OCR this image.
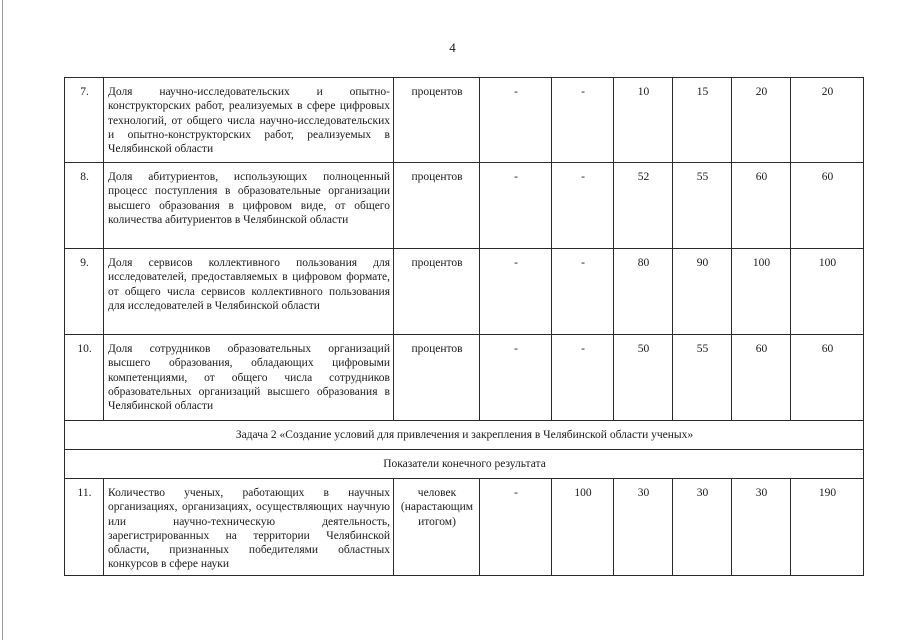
4
7.	Доля научно-исследовательских и опытно-конструкторских работ, реализуемых в сфере цифровых технологий, от общего числа научно-исследовательских и опытно-конструкторских работ, реализуемых в Челябинской области	процентов	-	-	10	15	20	20
8.	Доля абитуриентов, использующих полноценный процесс поступления в образовательные организации высшего образования в цифровом виде, от общего количества абитуриентов в Челябинской области	процентов	-	-	52	55	60	60
9.	Доля сервисов коллективного пользования для исследователей, предоставляемых в цифровом формате, от общего числа сервисов коллективного пользования для исследователей в Челябинской области	процентов	-	-	80	90	100	100
10.	Доля сотрудников образовательных организаций высшего образования, обладающих цифровыми компетенциями, от общего числа сотрудников образовательных организаций высшего образования в Челябинской области	процентов	-	-	50	55	60	60
Задача 2 «Создание условий для привлечения и закрепления в Челябинской области ученых»								
Показатели конечного результата								
11.	Количество ученых, работающих в научных организациях, организациях, осуществляющих научную или научно-техническую деятельность, зарегистрированных на территории Челябинской области, признанных победителями областных конкурсов в сфере науки	человек (нарастающим итогом)	-	100	30	30	30	190
